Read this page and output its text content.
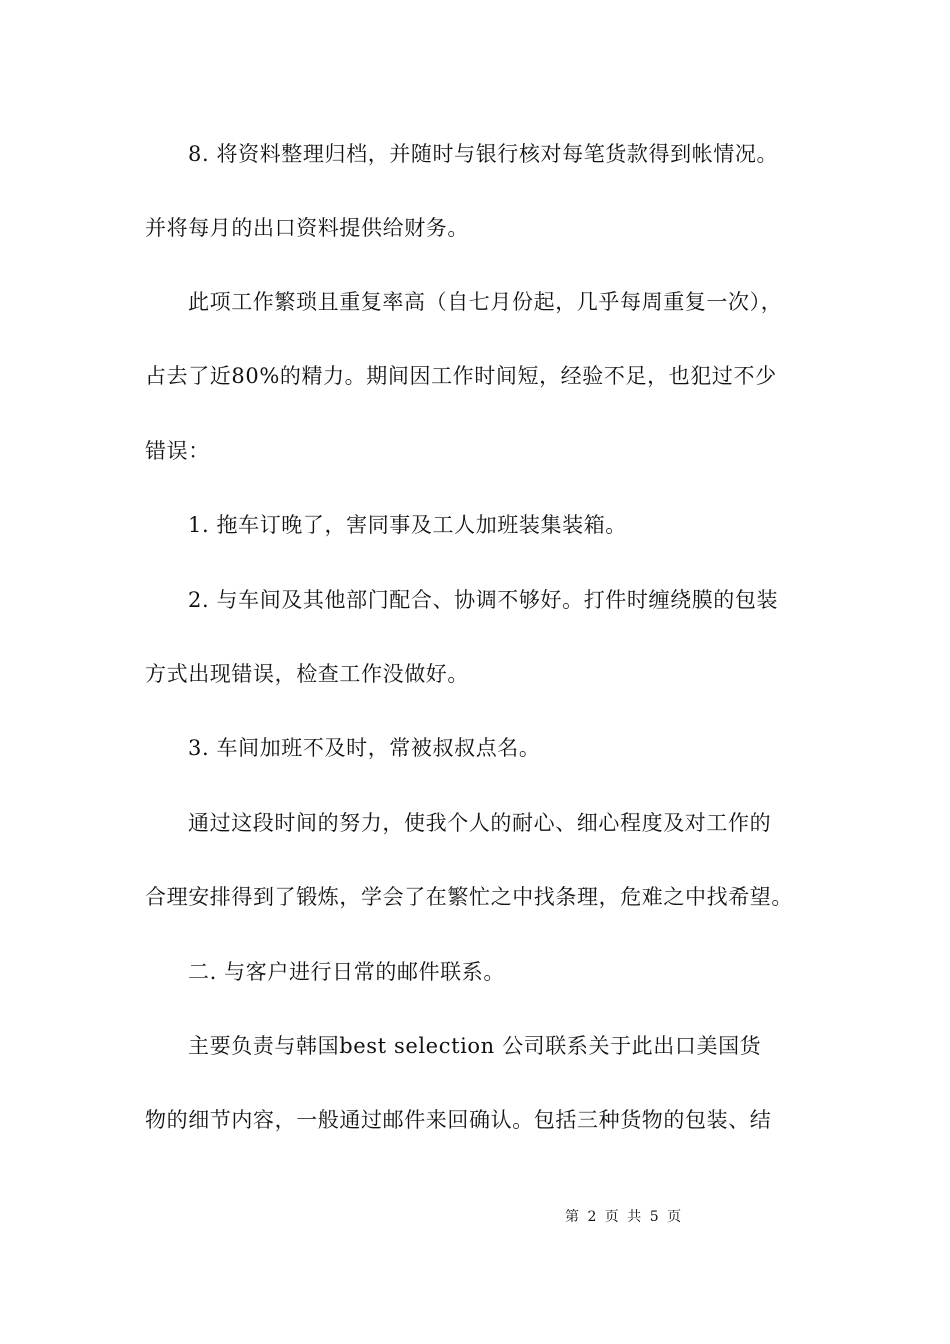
8. 将资料整理归档，并随时与银行核对每笔货款得到帐情况。
并将每月的出口资料提供给财务。
此项工作繁琐且重复率高（自七月份起，几乎每周重复一次），
占去了近80%的精力。期间因工作时间短，经验不足，也犯过不少
错误：
1. 拖车订晚了，害同事及工人加班装集装箱。
2. 与车间及其他部门配合、协调不够好。打件时缠绕膜的包装
方式出现错误，检查工作没做好。
3. 车间加班不及时，常被叔叔点名。
通过这段时间的努力，使我个人的耐心、细心程度及对工作的
合理安排得到了锻炼，学会了在繁忙之中找条理，危难之中找希望。
二. 与客户进行日常的邮件联系。
主要负责与韩国best selection 公司联系关于此出口美国货
物的细节内容，一般通过邮件来回确认。包括三种货物的包装、结
第 2 页 共 5 页
